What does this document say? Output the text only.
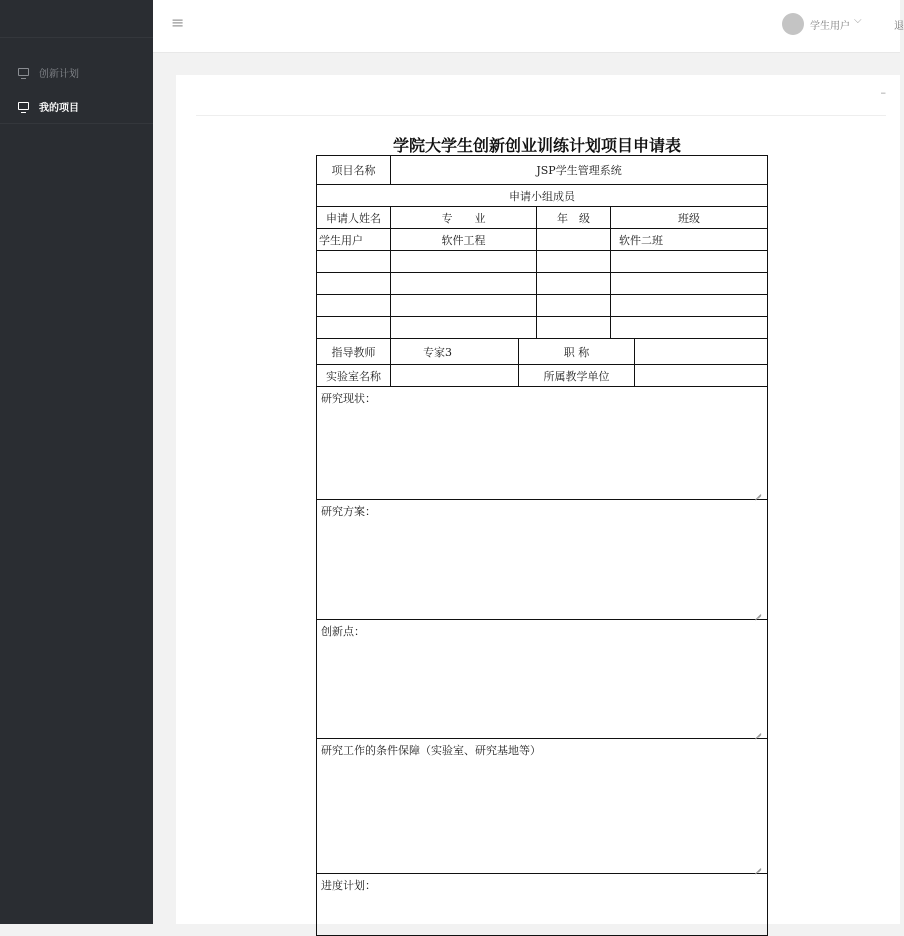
创新计划
我的项目
≡	学生用户
⌵
退
–
学院大学生创新创业训练计划项目申请表
项目名称	JSP学生管理系统				
申请小组成员					
申请人姓名	专　　业		年　级	班级	
学生用户	软件工程			软件二班	

指导教师	专家3	职 称			
实验室名称		所属教学单位			

研究现状：					

研究方案：					

创新点：					

研究工作的条件保障（实验室、研究基地等）					

进度计划：					
